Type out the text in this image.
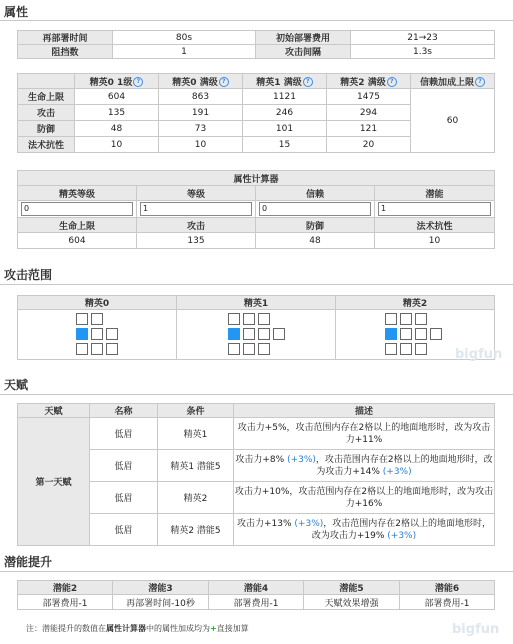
属性
再部署时间	80s	初始部署费用	21→23
阻挡数	1	攻击间隔	1.3s
	精英0 1级 ?	精英0 满级 ?	精英1 满级 ?	精英2 满级 ?	信赖加成上限 ?
生命上限	604	863	1121	1475	60
攻击	135	191	246	294	
防御	48	73	101	121	
法术抗性	10	10	15	20	
属性计算器			
精英等级	等级	信赖	潜能

0	1	0	1

生命上限	攻击	防御	法术抗性
604	135	48	10
攻击范围
精英0	精英1	精英2

bigfun
天赋
天赋	名称	条件	描述
第一天赋	低眉	精英1	攻击力+5%，攻击范围内存在2格以上的地面地形时，改为攻击力+11%
	低眉	精英1 潜能5	攻击力+8% (+3%)，攻击范围内存在2格以上的地面地形时，改为攻击力+14% (+3%)
	低眉	精英2	攻击力+10%，攻击范围内存在2格以上的地面地形时，改为攻击力+16%
	低眉	精英2 潜能5	攻击力+13% (+3%)，攻击范围内存在2格以上的地面地形时，改为攻击力+19% (+3%)
潜能提升
潜能2	潜能3	潜能4	潜能5	潜能6
部署费用-1	再部署时间-10秒	部署费用-1	天赋效果增强	部署费用-1
注：潜能提升的数值在属性计算器中的属性加成均为+直接加算	bigfun
